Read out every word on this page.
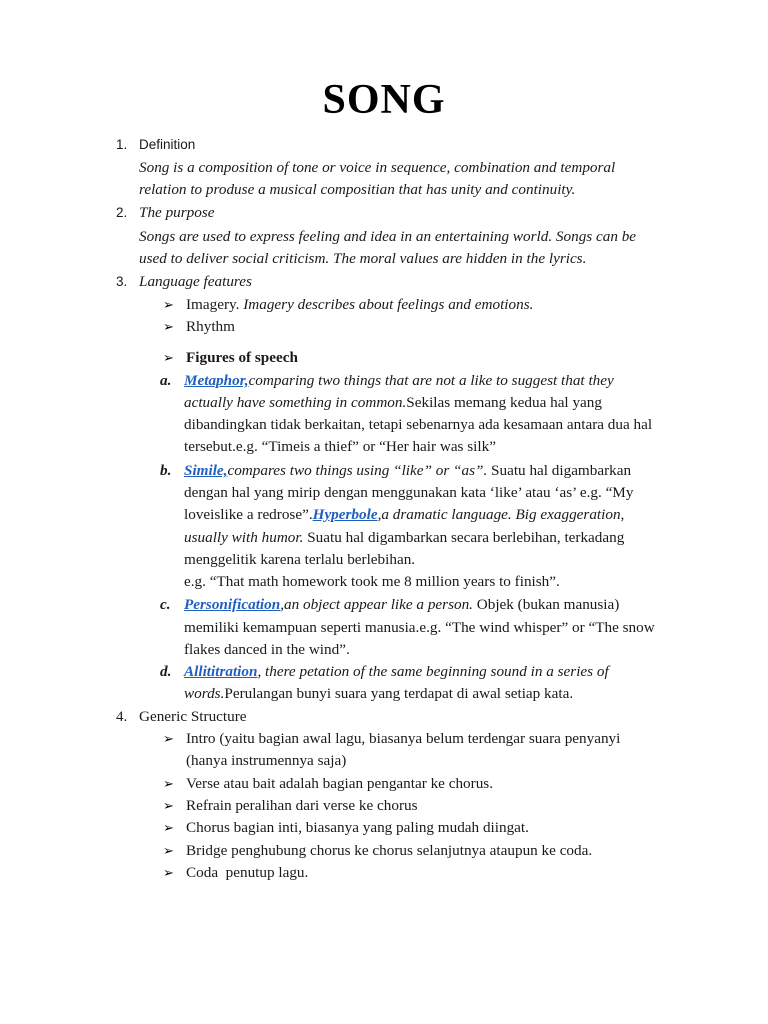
SONG
1. Definition
Song is a composition of tone or voice in sequence, combination and temporal
relation to produse a musical compositian that has unity and continuity.
2. The purpose
Songs are used to express feeling and idea in an entertaining world. Songs can be
used to deliver social criticism. The moral values are hidden in the lyrics.
3. Language features
➢ Imagery. Imagery describes about feelings and emotions.
➢ Rhythm
➢ Figures of speech
a. Metaphor,comparing two things that are not a like to suggest that they
actually have something in common.Sekilas memang kedua hal yang
dibandingkan tidak berkaitan, tetapi sebenarnya ada kesamaan antara dua hal
tersebut.e.g. “Timeis a thief” or “Her hair was silk”
b. Simile,compares two things using “like” or “as”. Suatu hal digambarkan
dengan hal yang mirip dengan menggunakan kata ‘like’ atau ‘as’ e.g. “My
loveislike a redrose”.Hyperbole,a dramatic language. Big exaggeration,
usually with humor. Suatu hal digambarkan secara berlebihan, terkadang
menggelitik karena terlalu berlebihan.
e.g. “That math homework took me 8 million years to finish”.
c. Personification,an object appear like a person. Objek (bukan manusia)
memiliki kemampuan seperti manusia.e.g. “The wind whisper” or “The snow
flakes danced in the wind”.
d. Allititration, there petation of the same beginning sound in a series of
words.Perulangan bunyi suara yang terdapat di awal setiap kata.
4. Generic Structure
➢ Intro (yaitu bagian awal lagu, biasanya belum terdengar suara penyanyi
(hanya instrumennya saja)
➢ Verse atau bait adalah bagian pengantar ke chorus.
➢ Refrain peralihan dari verse ke chorus
➢ Chorus bagian inti, biasanya yang paling mudah diingat.
➢ Bridge penghubung chorus ke chorus selanjutnya ataupun ke coda.
➢ Coda  penutup lagu.
